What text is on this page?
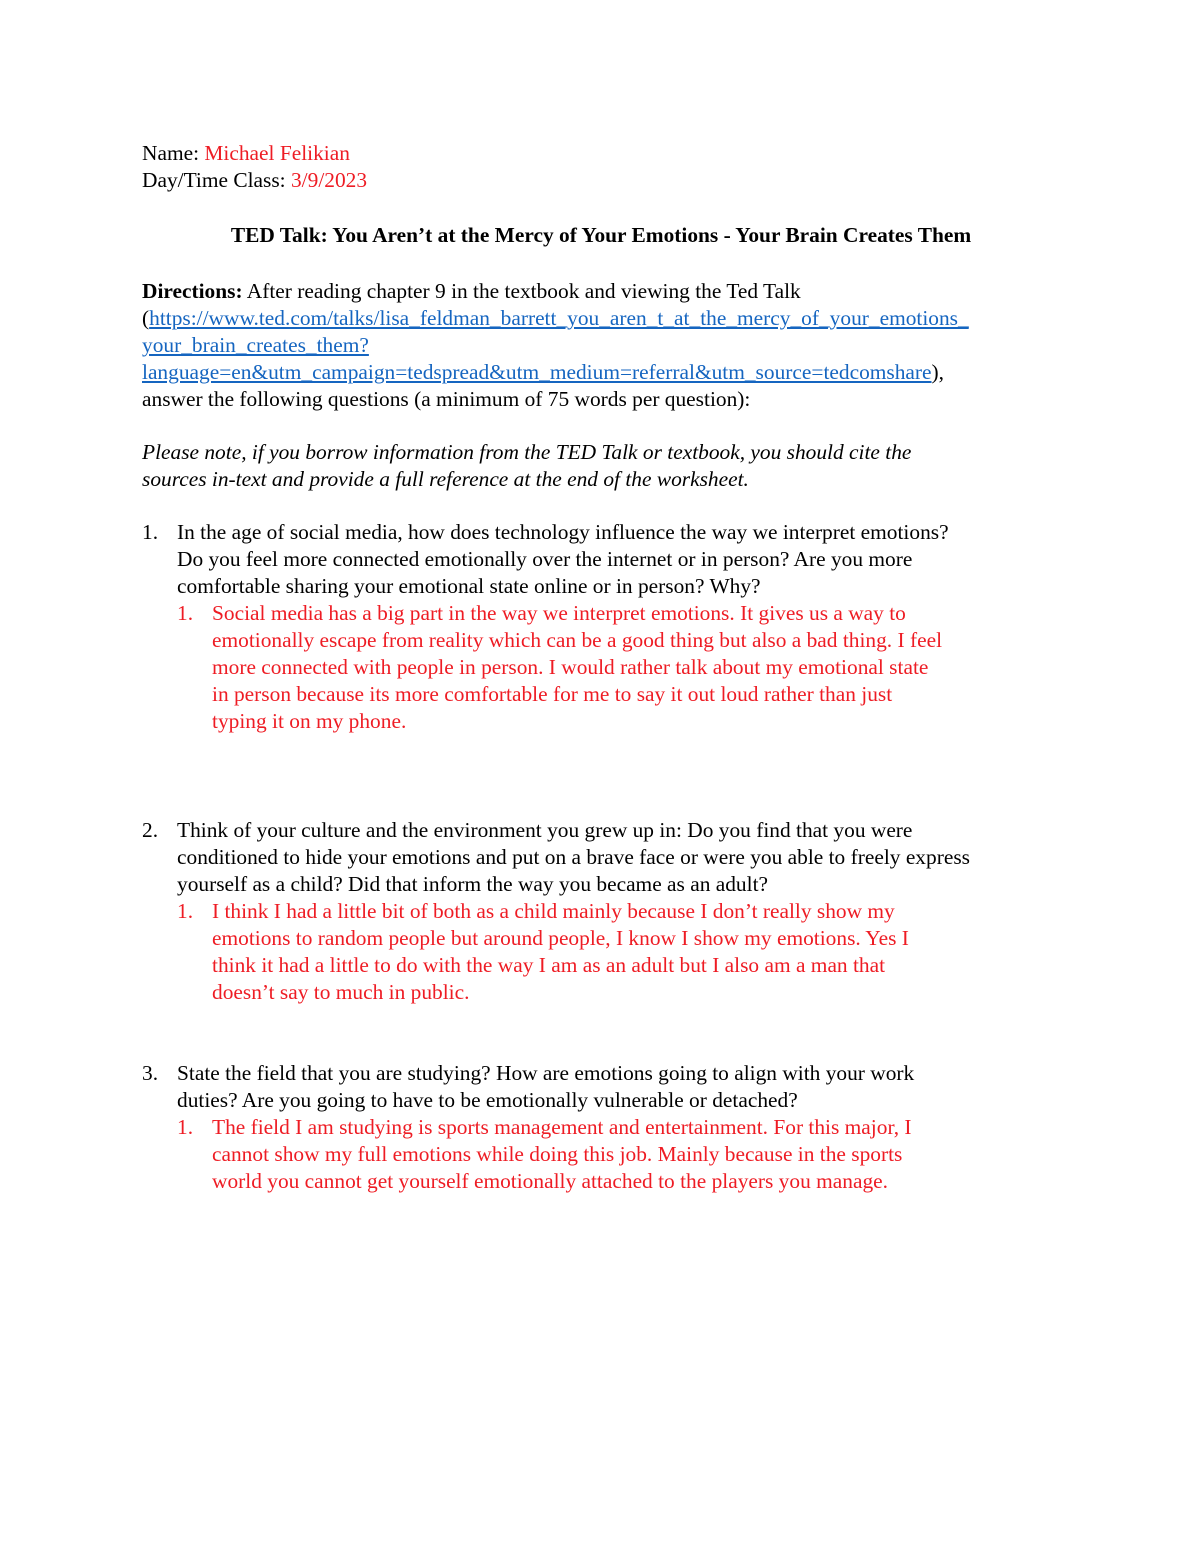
Name: Michael Felikian
Day/Time Class: 3/9/2023
TED Talk: You Aren’t at the Mercy of Your Emotions - Your Brain Creates Them
Directions: After reading chapter 9 in the textbook and viewing the Ted Talk
(https://www.ted.com/talks/lisa_feldman_barrett_you_aren_t_at_the_mercy_of_your_emotions_
your_brain_creates_them?
language=en&utm_campaign=tedspread&utm_medium=referral&utm_source=tedcomshare),
answer the following questions (a minimum of 75 words per question):
Please note, if you borrow information from the TED Talk or textbook, you should cite the
sources in-text and provide a full reference at the end of the worksheet.
1. In the age of social media, how does technology influence the way we interpret emotions?
Do you feel more connected emotionally over the internet or in person? Are you more
comfortable sharing your emotional state online or in person? Why?
1. Social media has a big part in the way we interpret emotions. It gives us a way to
emotionally escape from reality which can be a good thing but also a bad thing. I feel
more connected with people in person. I would rather talk about my emotional state
in person because its more comfortable for me to say it out loud rather than just
typing it on my phone.
2. Think of your culture and the environment you grew up in: Do you find that you were
conditioned to hide your emotions and put on a brave face or were you able to freely express
yourself as a child? Did that inform the way you became as an adult?
1. I think I had a little bit of both as a child mainly because I don’t really show my
emotions to random people but around people, I know I show my emotions. Yes I
think it had a little to do with the way I am as an adult but I also am a man that
doesn’t say to much in public.
3. State the field that you are studying? How are emotions going to align with your work
duties? Are you going to have to be emotionally vulnerable or detached?
1. The field I am studying is sports management and entertainment. For this major, I
cannot show my full emotions while doing this job. Mainly because in the sports
world you cannot get yourself emotionally attached to the players you manage.
